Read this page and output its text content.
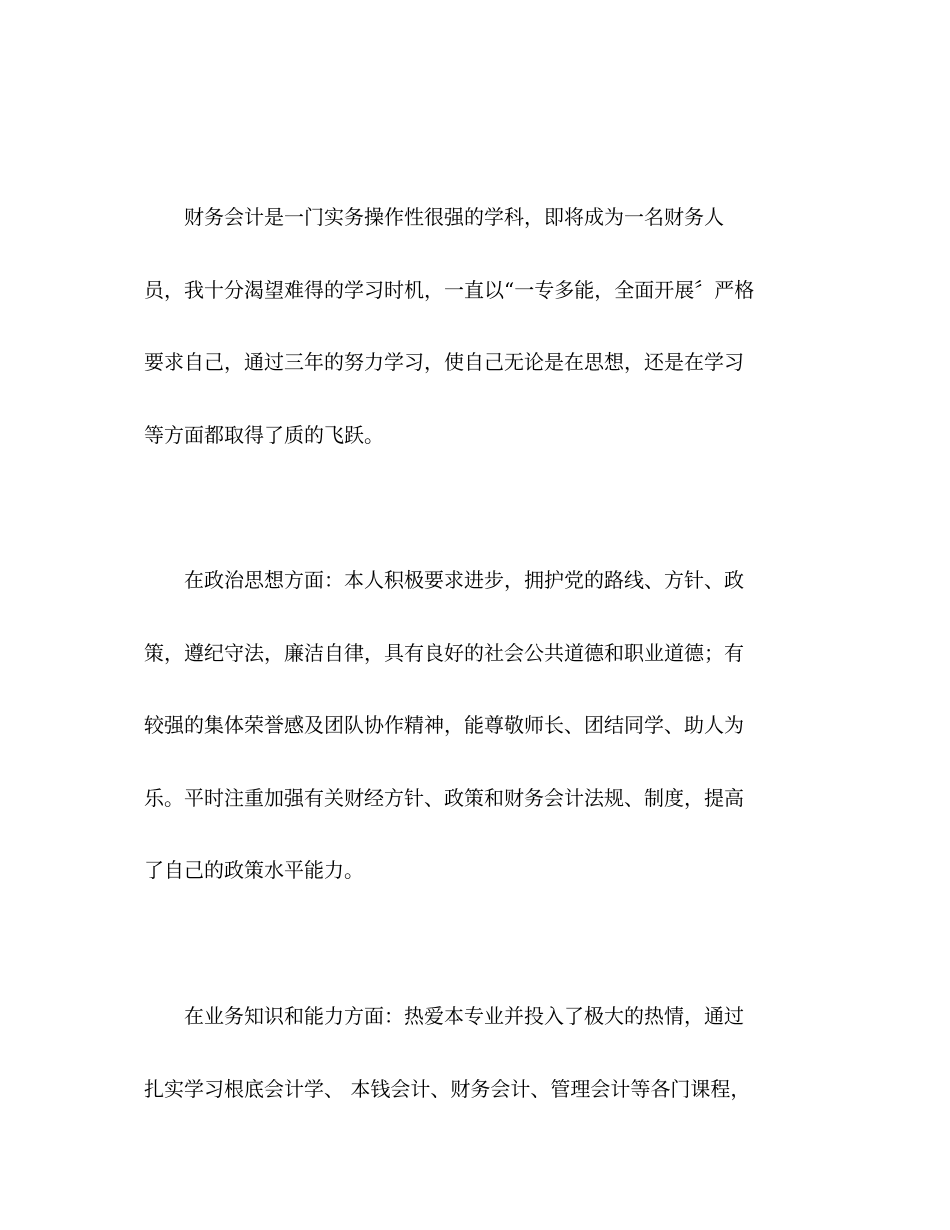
　　财务会计是一门实务操作性很强的学科，即将成为一名财务人
员，我十分渴望难得的学习时机，一直以“一专多能，全面开展〞严格
要求自己，通过三年的努力学习，使自己无论是在思想，还是在学习
等方面都取得了质的飞跃。

　　在政治思想方面：本人积极要求进步，拥护党的路线、方针、政
策，遵纪守法，廉洁自律，具有良好的社会公共道德和职业道德；有
较强的集体荣誉感及团队协作精神，能尊敬师长、团结同学、助人为
乐。平时注重加强有关财经方针、政策和财务会计法规、制度，提高
了自己的政策水平能力。

　　在业务知识和能力方面：热爱本专业并投入了极大的热情，通过
扎实学习根底会计学、 本钱会计、财务会计、管理会计等各门课程，
